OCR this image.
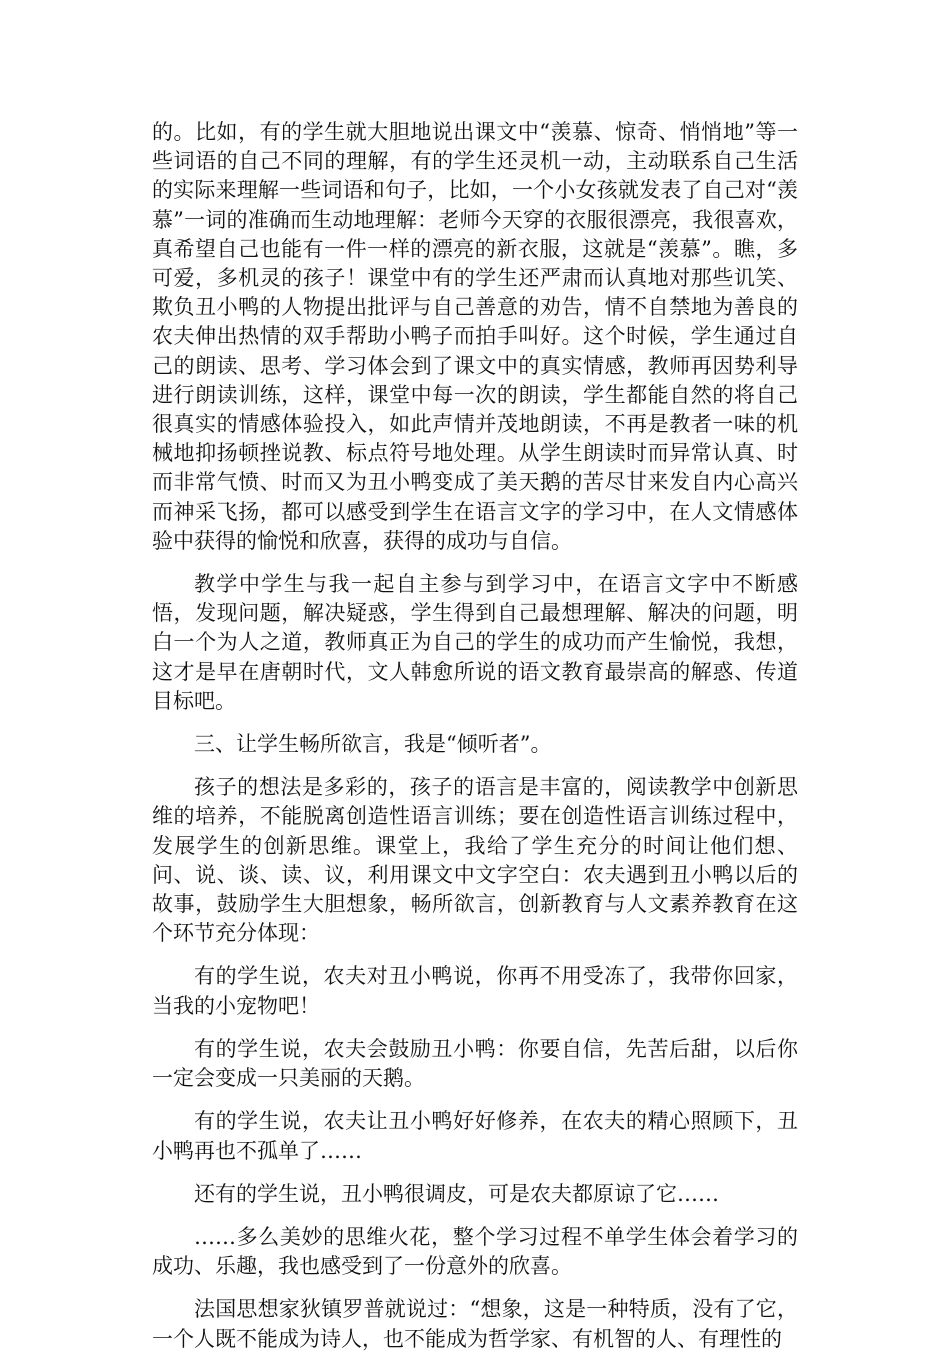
的。比如，有的学生就大胆地说出课文中“羡慕、惊奇、悄悄地”等一些词语的自己不同的理解，有的学生还灵机一动，主动联系自己生活的实际来理解一些词语和句子，比如，一个小女孩就发表了自己对“羡慕”一词的准确而生动地理解：老师今天穿的衣服很漂亮，我很喜欢，真希望自己也能有一件一样的漂亮的新衣服，这就是“羡慕”。瞧，多可爱，多机灵的孩子！课堂中有的学生还严肃而认真地对那些讥笑、欺负丑小鸭的人物提出批评与自己善意的劝告，情不自禁地为善良的农夫伸出热情的双手帮助小鸭子而拍手叫好。这个时候，学生通过自己的朗读、思考、学习体会到了课文中的真实情感，教师再因势利导进行朗读训练，这样，课堂中每一次的朗读，学生都能自然的将自己很真实的情感体验投入，如此声情并茂地朗读，不再是教者一味的机械地抑扬顿挫说教、标点符号地处理。从学生朗读时而异常认真、时而非常气愤、时而又为丑小鸭变成了美天鹅的苦尽甘来发自内心高兴而神采飞扬，都可以感受到学生在语言文字的学习中，在人文情感体验中获得的愉悦和欣喜，获得的成功与自信。

教学中学生与我一起自主参与到学习中，在语言文字中不断感悟，发现问题，解决疑惑，学生得到自己最想理解、解决的问题，明白一个为人之道，教师真正为自己的学生的成功而产生愉悦，我想，这才是早在唐朝时代，文人韩愈所说的语文教育最崇高的解惑、传道目标吧。

三、让学生畅所欲言，我是“倾听者”。

孩子的想法是多彩的，孩子的语言是丰富的，阅读教学中创新思维的培养，不能脱离创造性语言训练；要在创造性语言训练过程中，发展学生的创新思维。课堂上，我给了学生充分的时间让他们想、问、说、谈、读、议，利用课文中文字空白：农夫遇到丑小鸭以后的故事，鼓励学生大胆想象，畅所欲言，创新教育与人文素养教育在这个环节充分体现：

有的学生说，农夫对丑小鸭说，你再不用受冻了，我带你回家，当我的小宠物吧！

有的学生说，农夫会鼓励丑小鸭：你要自信，先苦后甜，以后你一定会变成一只美丽的天鹅。

有的学生说，农夫让丑小鸭好好修养，在农夫的精心照顾下，丑小鸭再也不孤单了……

还有的学生说，丑小鸭很调皮，可是农夫都原谅了它……

……多么美妙的思维火花，整个学习过程不单学生体会着学习的成功、乐趣，我也感受到了一份意外的欣喜。

法国思想家狄镇罗普就说过：“想象，这是一种特质，没有了它，一个人既不能成为诗人，也不能成为哲学家、有机智的人、有理性的
